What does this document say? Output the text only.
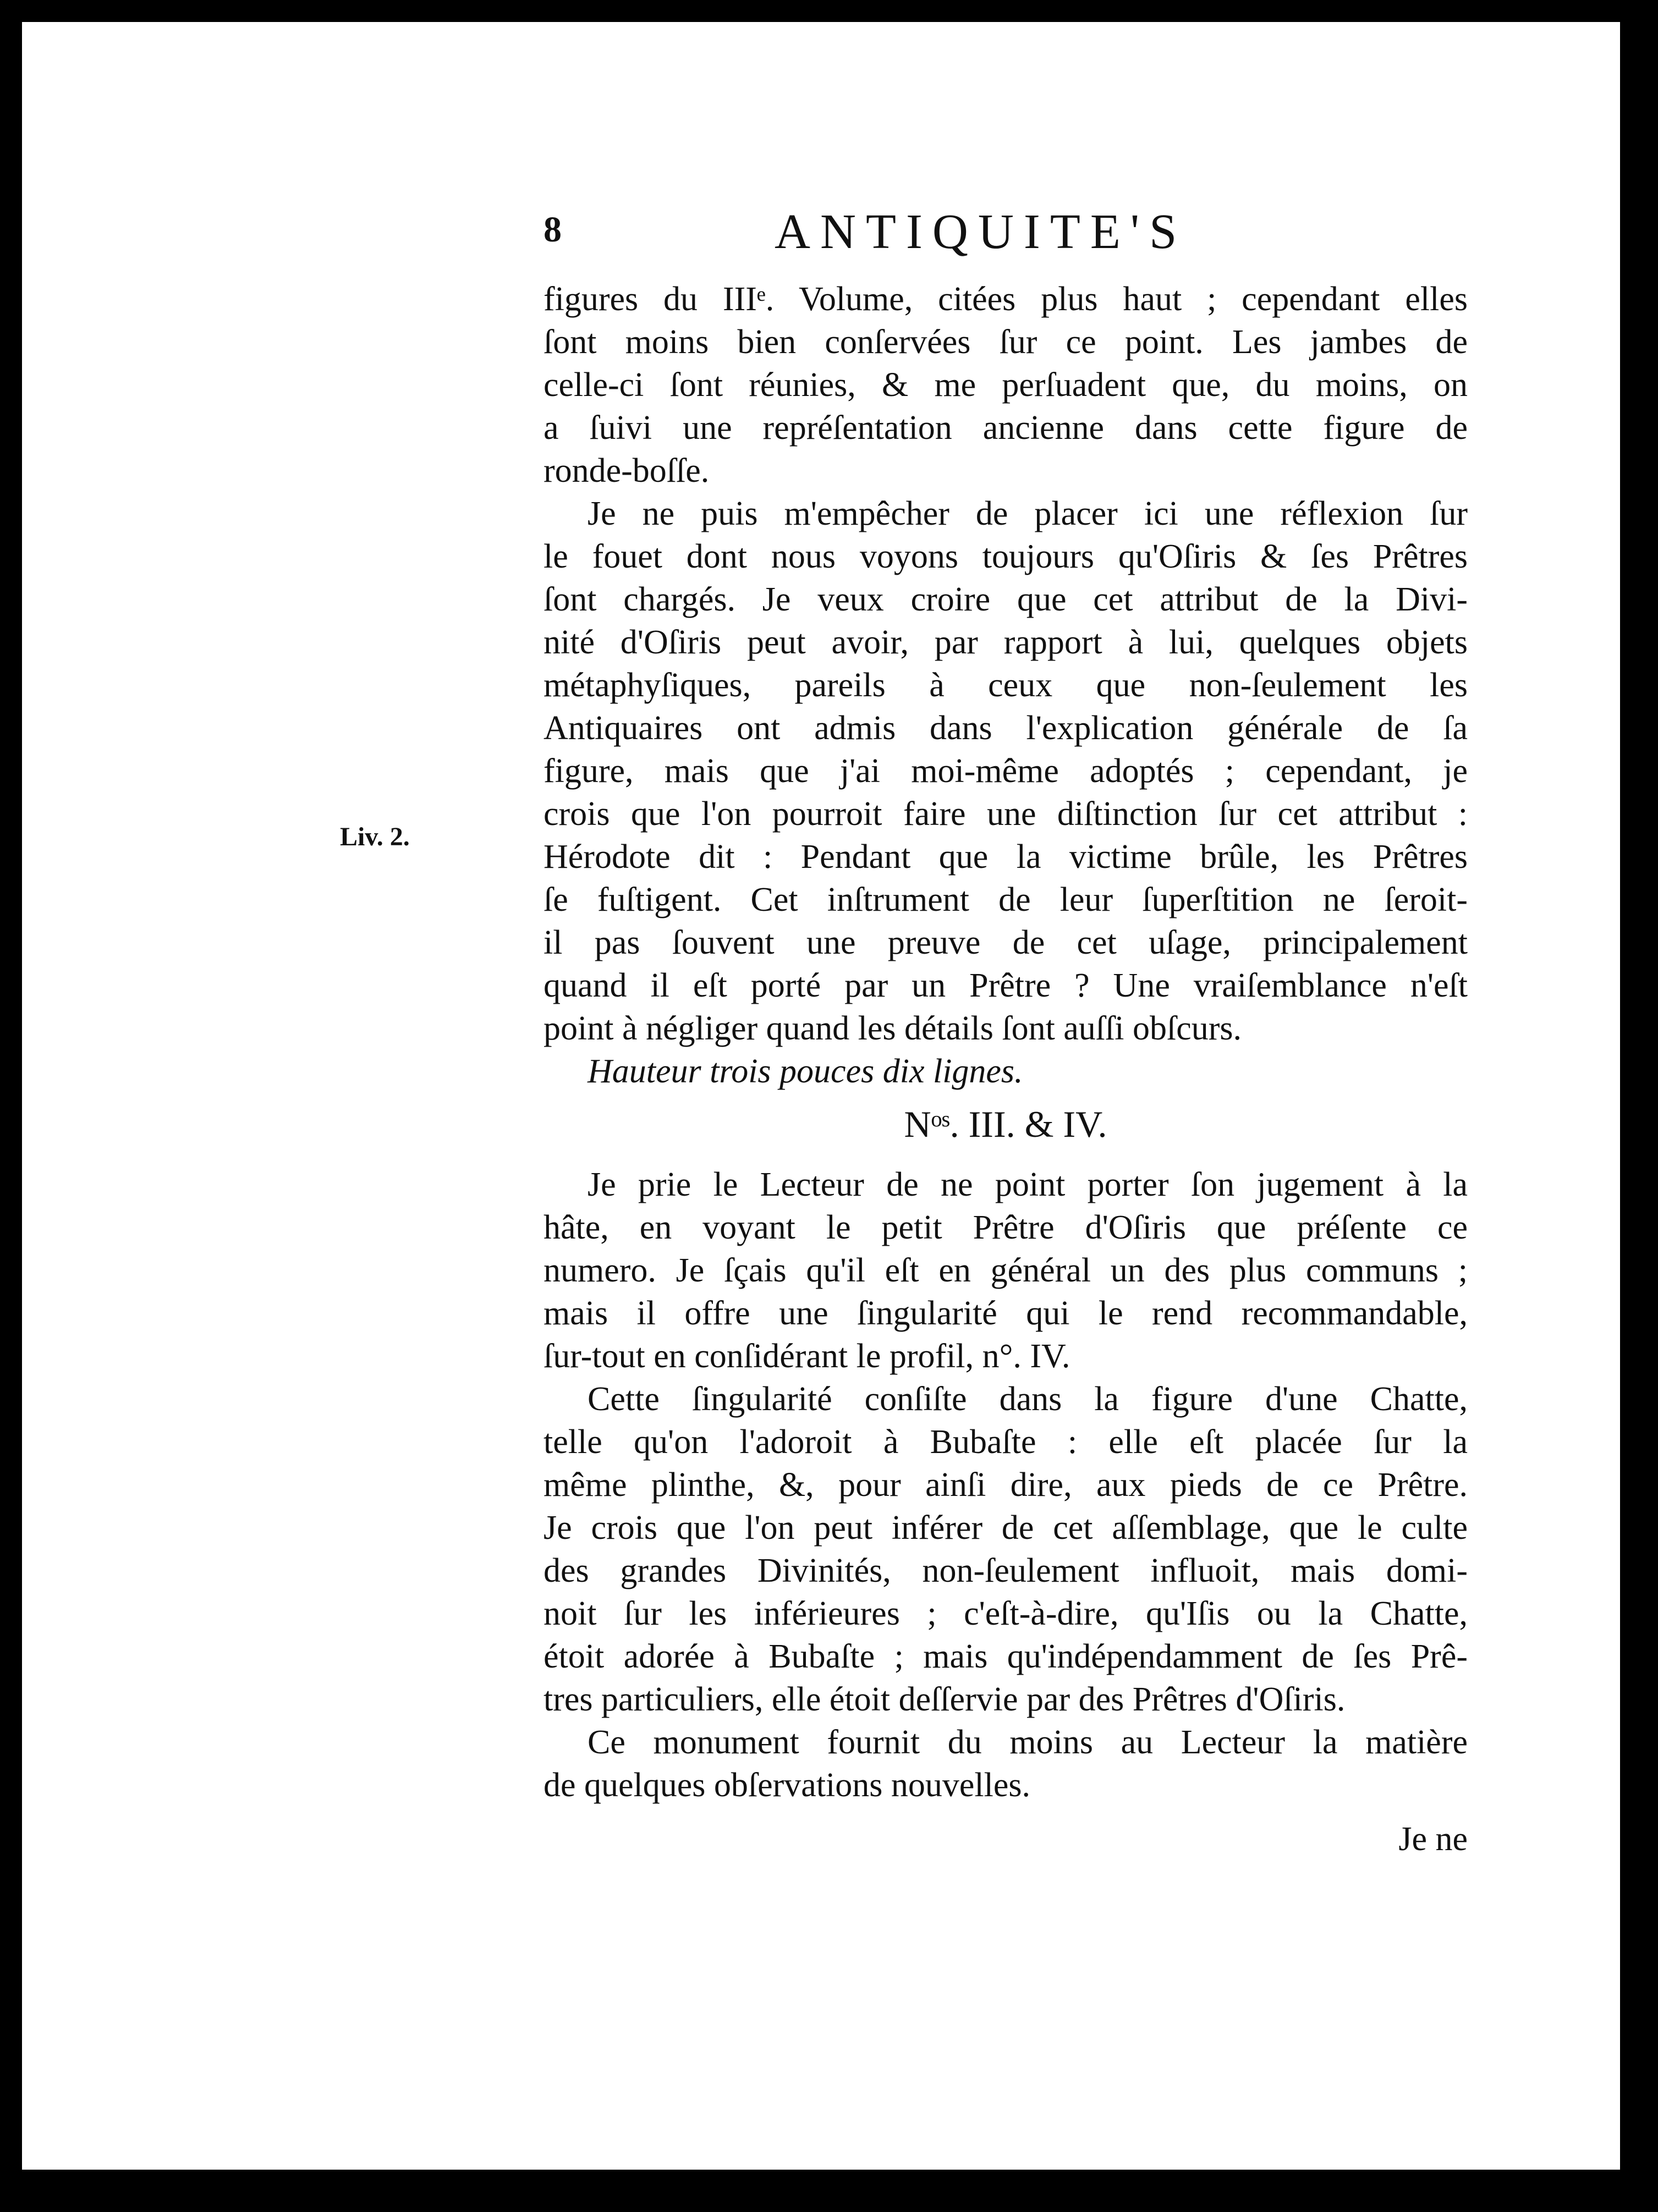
Liv. 2.
8	ANTIQUITE'S
figures du IIIᵉ. Volume, citées plus haut ; cependant elles
ſont moins bien conſervées ſur ce point. Les jambes de
celle-ci ſont réunies, & me perſuadent que, du moins, on
a ſuivi une repréſentation ancienne dans cette figure de
ronde-boſſe.
Je ne puis m'empêcher de placer ici une réflexion ſur
le fouet dont nous voyons toujours qu'Oſiris & ſes Prêtres
ſont chargés. Je veux croire que cet attribut de la Divi-
nité d'Oſiris peut avoir, par rapport à lui, quelques objets
métaphyſiques, pareils à ceux que non-ſeulement les
Antiquaires ont admis dans l'explication générale de ſa
figure, mais que j'ai moi-même adoptés ; cependant, je
crois que l'on pourroit faire une diſtinction ſur cet attribut :
Hérodote dit : Pendant que la victime brûle, les Prêtres
ſe fuſtigent. Cet inſtrument de leur ſuperſtition ne ſeroit-
il pas ſouvent une preuve de cet uſage, principalement
quand il eſt porté par un Prêtre ? Une vraiſemblance n'eſt
point à négliger quand les détails ſont auſſi obſcurs.
Hauteur trois pouces dix lignes.
Nᵒˢ. III. & IV.
Je prie le Lecteur de ne point porter ſon jugement à la
hâte, en voyant le petit Prêtre d'Oſiris que préſente ce
numero. Je ſçais qu'il eſt en général un des plus communs ;
mais il offre une ſingularité qui le rend recommandable,
ſur-tout en conſidérant le profil, n°. IV.
Cette ſingularité conſiſte dans la figure d'une Chatte,
telle qu'on l'adoroit à Bubaſte : elle eſt placée ſur la
même plinthe, &, pour ainſi dire, aux pieds de ce Prêtre.
Je crois que l'on peut inférer de cet aſſemblage, que le culte
des grandes Divinités, non-ſeulement influoit, mais domi-
noit ſur les inférieures ; c'eſt-à-dire, qu'Iſis ou la Chatte,
étoit adorée à Bubaſte ; mais qu'indépendamment de ſes Prê-
tres particuliers, elle étoit deſſervie par des Prêtres d'Oſiris.
Ce monument fournit du moins au Lecteur la matière
de quelques obſervations nouvelles.
Je ne
